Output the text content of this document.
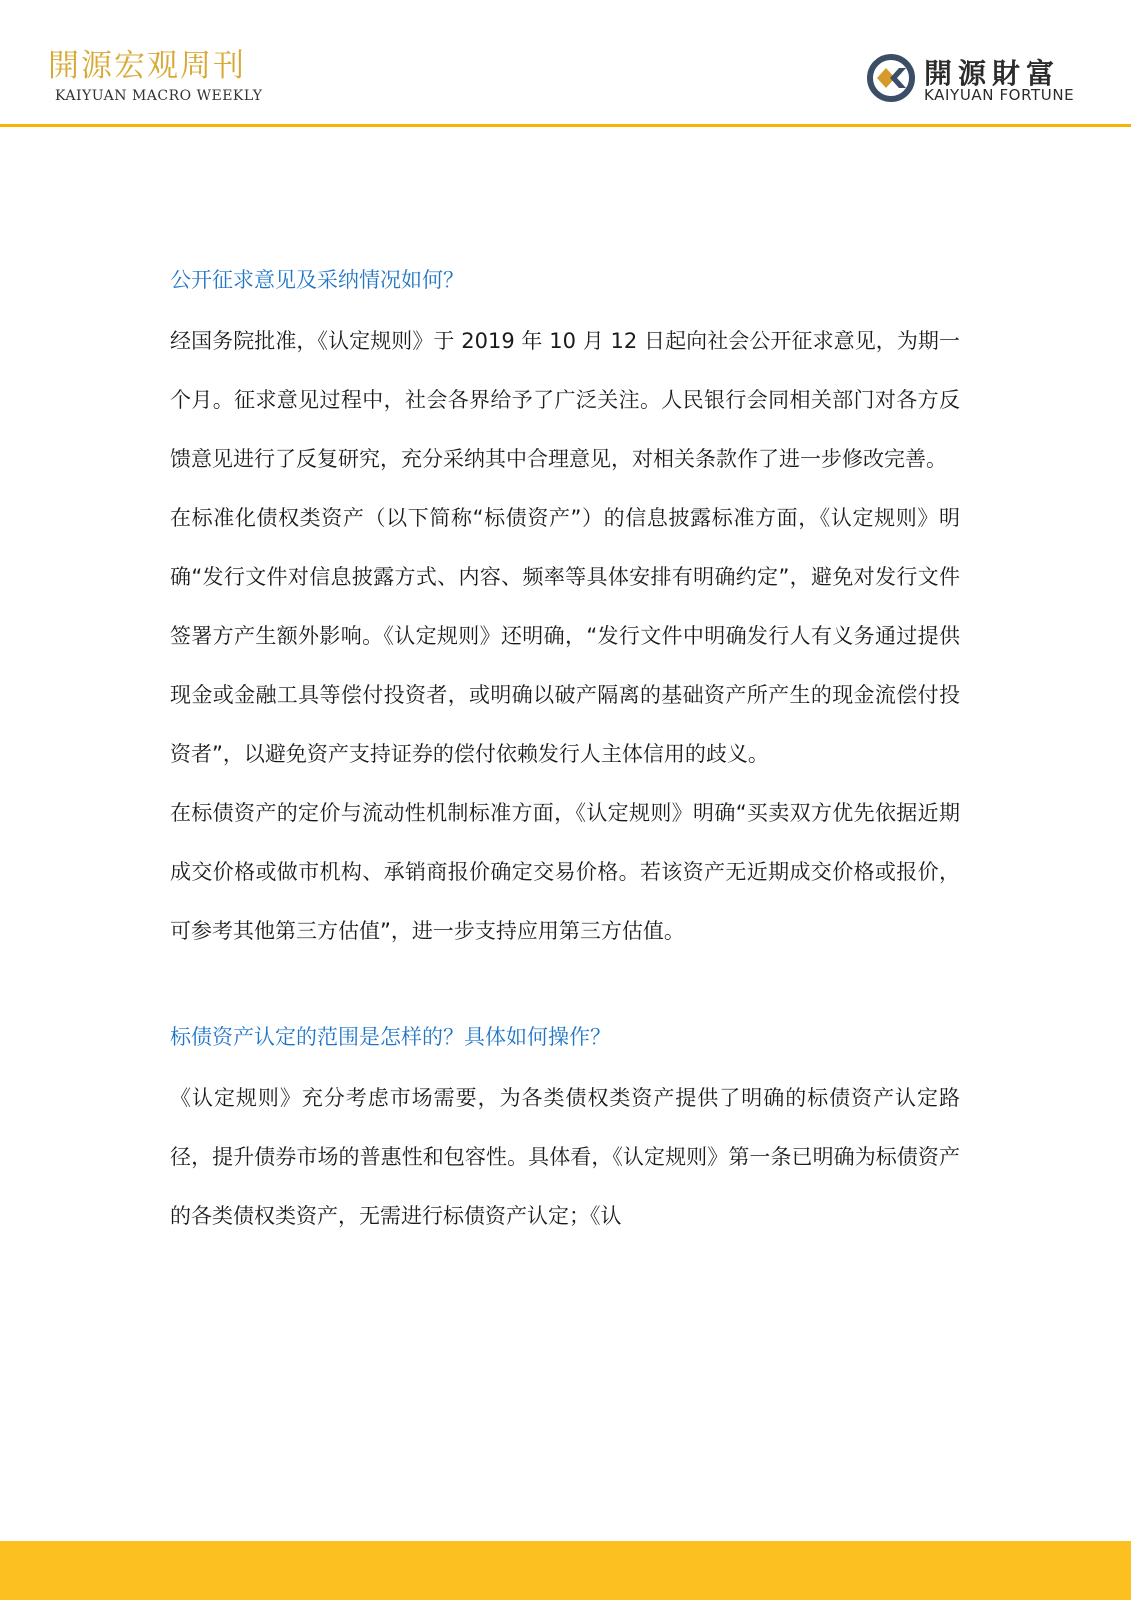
開源宏观周刊
KAIYUAN MACRO WEEKLY
開源財富
KAIYUAN FORTUNE
公开征求意见及采纳情况如何？

经国务院批准，《认定规则》于 2019 年 10 月 12 日起向社会公开征求意见，为期一个月。征求意见过程中，社会各界给予了广泛关注。人民银行会同相关部门对各方反馈意见进行了反复研究，充分采纳其中合理意见，对相关条款作了进一步修改完善。

在标准化债权类资产（以下简称“标债资产”）的信息披露标准方面，《认定规则》明确“发行文件对信息披露方式、内容、频率等具体安排有明确约定”，避免对发行文件签署方产生额外影响。《认定规则》还明确，“发行文件中明确发行人有义务通过提供现金或金融工具等偿付投资者，或明确以破产隔离的基础资产所产生的现金流偿付投资者”，以避免资产支持证券的偿付依赖发行人主体信用的歧义。

在标债资产的定价与流动性机制标准方面，《认定规则》明确“买卖双方优先依据近期成交价格或做市机构、承销商报价确定交易价格。若该资产无近期成交价格或报价，可参考其他第三方估值”，进一步支持应用第三方估值。

标债资产认定的范围是怎样的？具体如何操作？

《认定规则》充分考虑市场需要，为各类债权类资产提供了明确的标债资产认定路径，提升债券市场的普惠性和包容性。具体看，《认定规则》第一条已明确为标债资产的各类债权类资产，无需进行标债资产认定；《认
